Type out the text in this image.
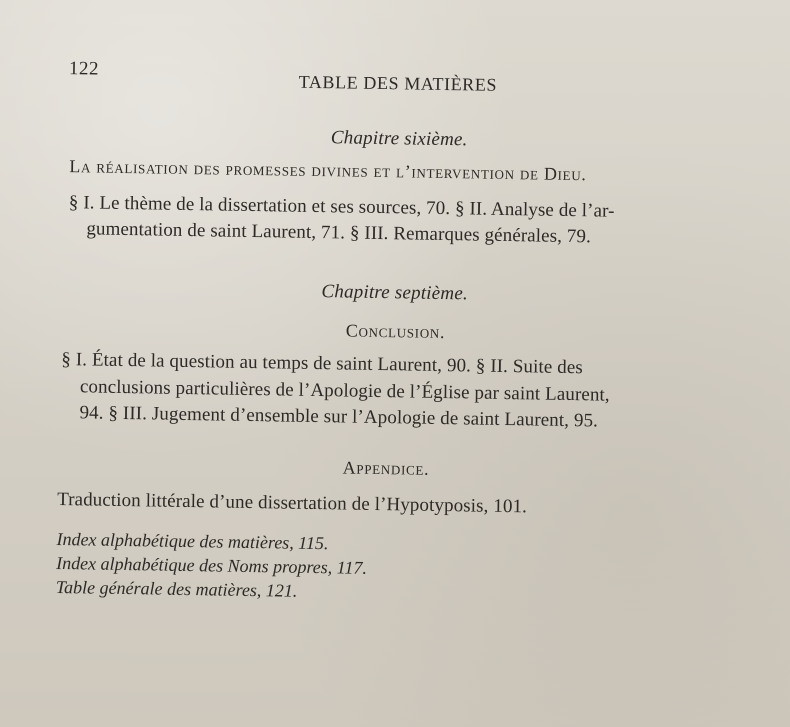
122
TABLE DES MATIÈRES
Chapitre sixième.
La réalisation des promesses divines et l’intervention de Dieu.
§ I. Le thème de la dissertation et ses sources, 70. § II. Analyse de l’ar-
gumentation de saint Laurent, 71. § III. Remarques générales, 79.
Chapitre septième.
Conclusion.
§ I. État de la question au temps de saint Laurent, 90. § II. Suite des
conclusions particulières de l’Apologie de l’Église par saint Laurent,
94. § III. Jugement d’ensemble sur l’Apologie de saint Laurent, 95.
Appendice.
Traduction littérale d’une dissertation de l’Hypotyposis, 101.
Index alphabétique des matières, 115.
Index alphabétique des Noms propres, 117.
Table générale des matières, 121.
